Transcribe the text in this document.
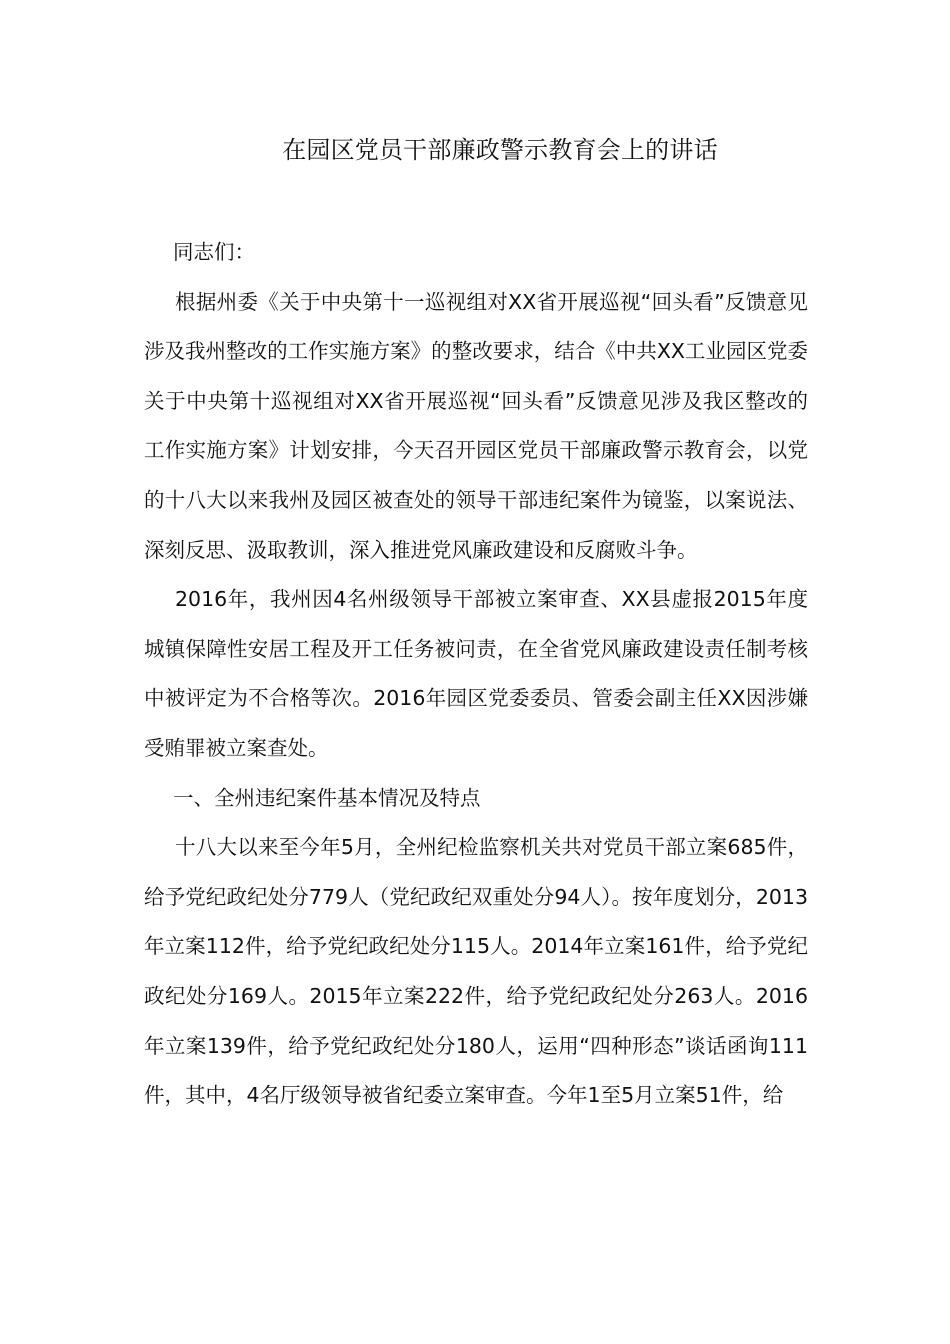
在园区党员干部廉政警示教育会上的讲话

同志们：

根据州委《关于中央第十一巡视组对XX省开展巡视“回头看”反馈意见涉及我州整改的工作实施方案》的整改要求，结合《中共XX工业园区党委关于中央第十巡视组对XX省开展巡视“回头看”反馈意见涉及我区整改的工作实施方案》计划安排，今天召开园区党员干部廉政警示教育会，以党的十八大以来我州及园区被查处的领导干部违纪案件为镜鉴，以案说法、深刻反思、汲取教训，深入推进党风廉政建设和反腐败斗争。

2016年，我州因4名州级领导干部被立案审查、XX县虚报2015年度城镇保障性安居工程及开工任务被问责，在全省党风廉政建设责任制考核中被评定为不合格等次。2016年园区党委委员、管委会副主任XX因涉嫌受贿罪被立案查处。

一、全州违纪案件基本情况及特点

十八大以来至今年5月，全州纪检监察机关共对党员干部立案685件，给予党纪政纪处分779人（党纪政纪双重处分94人）。按年度划分，2013年立案112件，给予党纪政纪处分115人。2014年立案161件，给予党纪政纪处分169人。2015年立案222件，给予党纪政纪处分263人。2016年立案139件，给予党纪政纪处分180人，运用“四种形态”谈话函询111件，其中，4名厅级领导被省纪委立案审查。今年1至5月立案51件，给
